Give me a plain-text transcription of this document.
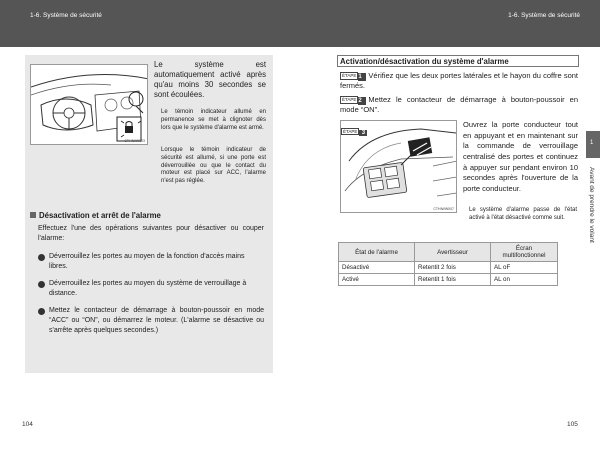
1-6. Système de sécurité	1-6. Système de sécurité
CTHIWW003
Le système est automatiquement activé après qu'au moins 30 secondes se sont écoulées.
Le témoin indicateur allumé en permanence se met à clignoter dès lors que le système d'alarme est armé.
Lorsque le témoin indicateur de sécurité est allumé, si une porte est déverrouillée ou que le contact du moteur est placé sur ACC, l'alarme n'est pas réglée.
Désactivation et arrêt de l'alarme
Effectuez l'une des opérations suivantes pour désactiver ou couper l'alarme:
Déverrouillez les portes au moyen de la fonction d'accès mains libres.
Déverrouillez les portes au moyen du système de verrouillage à distance.
Mettez le contacteur de démarrage à bouton-poussoir en mode “ACC” ou “ON”, ou démarrez le moteur. (L'alarme se désactive ou s'arrête après quelques secondes.)
104
Activation/désactivation du système d'alarme
ÉTAPE 1 Vérifiez que les deux portes latérales et le hayon du coffre sont fermés.
ÉTAPE 2 Mettez le contacteur de démarrage à bouton-poussoir en mode “ON”.
ÉTAPE 3
CTHIWW007
Ouvrez la porte conducteur tout en appuyant et en maintenant sur la commande de verrouillage centralisé des portes et continuez à appuyer sur pendant environ 10 secondes après l'ouverture de la porte conducteur.
Le système d'alarme passe de l'état activé à l'état désactivé comme suit.
État de l'alarme	Avertisseur	Écran multifonctionnel
Désactivé	Retentit 2 fois	AL oF
Activé	Retentit 1 fois	AL on
1
Avant de prendre le volant
105
